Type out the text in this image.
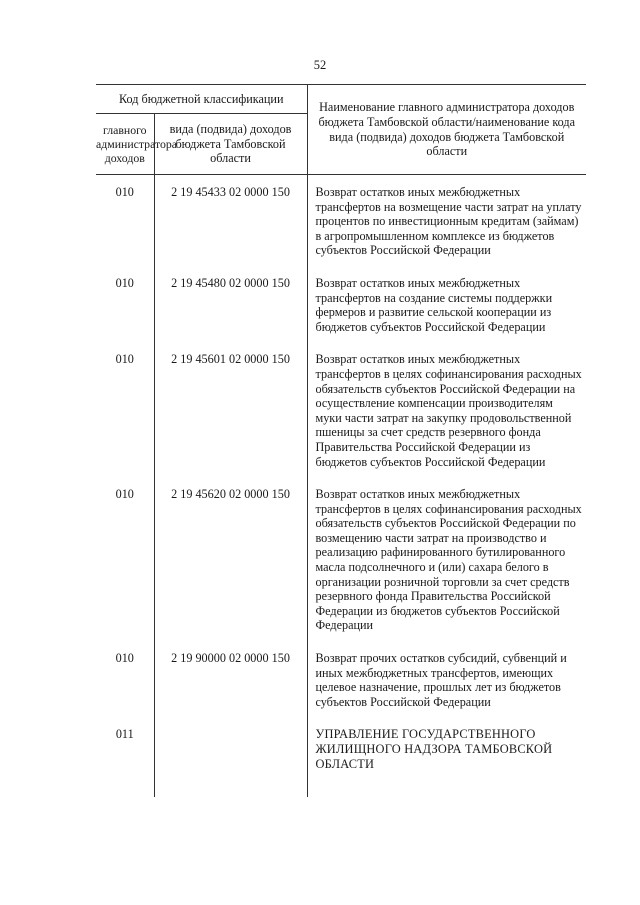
52
Код бюджетной классификации		Наименование главного администратора доходов бюджета Тамбовской области/наименование кода вида (подвида) доходов бюджета Тамбовской области
главного администратора доходов	вида (подвида) доходов бюджета Тамбовской области	

010	2 19 45433 02 0000 150	Возврат остатков иных межбюджетных трансфертов на возмещение части затрат на уплату процентов по инвестиционным кредитам (займам) в агропромышленном комплексе из бюджетов субъектов Российской Федерации
010	2 19 45480 02 0000 150	Возврат остатков иных межбюджетных трансфертов на создание системы поддержки фермеров и развитие сельской кооперации из бюджетов субъектов Российской Федерации
010	2 19 45601 02 0000 150	Возврат остатков иных межбюджетных трансфертов в целях софинансирования расходных обязательств субъектов Российской Федерации на осуществление компенсации производителям муки части затрат на закупку продовольственной пшеницы за счет средств резервного фонда Правительства Российской Федерации из бюджетов субъектов Российской Федерации
010	2 19 45620 02 0000 150	Возврат остатков иных межбюджетных трансфертов в целях софинансирования расходных обязательств субъектов Российской Федерации по возмещению части затрат на производство и реализацию рафинированного бутилированного масла подсолнечного и (или) сахара белого в организации розничной торговли за счет средств резервного фонда Правительства Российской Федерации из бюджетов субъектов Российской Федерации
010	2 19 90000 02 0000 150	Возврат прочих остатков субсидий, субвенций и иных межбюджетных трансфертов, имеющих целевое назначение, прошлых лет из бюджетов субъектов Российской Федерации
011		УПРАВЛЕНИЕ ГОСУДАРСТВЕННОГО ЖИЛИЩНОГО НАДЗОРА ТАМБОВСКОЙ ОБЛАСТИ
